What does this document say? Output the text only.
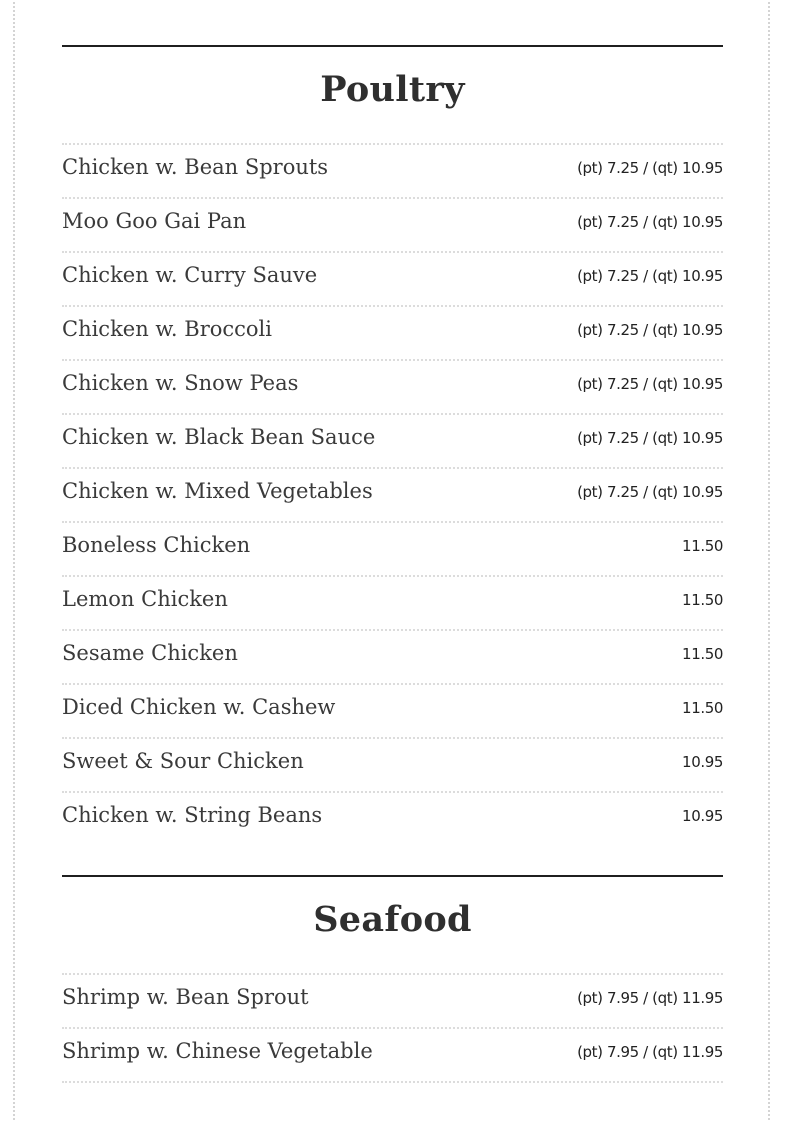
Poultry
Chicken w. Bean Sprouts	(pt) 7.25 / (qt) 10.95
Moo Goo Gai Pan	(pt) 7.25 / (qt) 10.95
Chicken w. Curry Sauve	(pt) 7.25 / (qt) 10.95
Chicken w. Broccoli	(pt) 7.25 / (qt) 10.95
Chicken w. Snow Peas	(pt) 7.25 / (qt) 10.95
Chicken w. Black Bean Sauce	(pt) 7.25 / (qt) 10.95
Chicken w. Mixed Vegetables	(pt) 7.25 / (qt) 10.95
Boneless Chicken	11.50
Lemon Chicken	11.50
Sesame Chicken	11.50
Diced Chicken w. Cashew	11.50
Sweet & Sour Chicken	10.95
Chicken w. String Beans	10.95
Seafood
Shrimp w. Bean Sprout	(pt) 7.95 / (qt) 11.95
Shrimp w. Chinese Vegetable	(pt) 7.95 / (qt) 11.95
